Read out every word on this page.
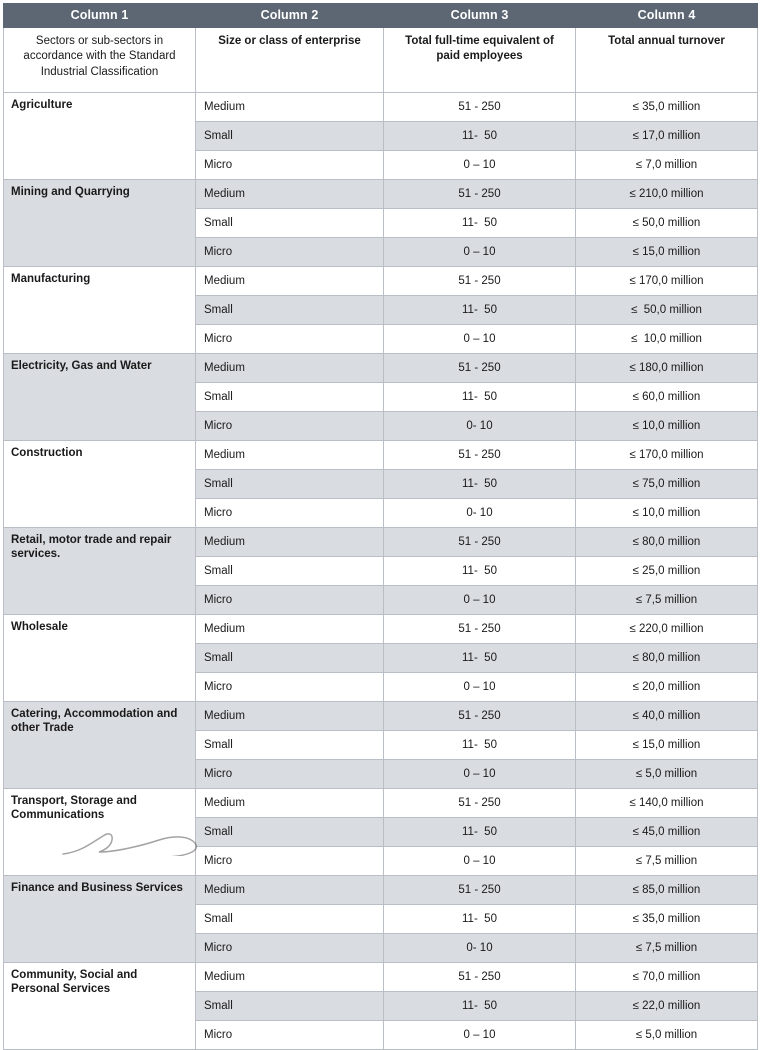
Column 1	Column 2	Column 3	Column 4
Sectors or sub-sectors in accordance with the Standard Industrial Classification	Size or class of enterprise	Total full-time equivalent of paid employees	Total annual turnover
Agriculture	Medium	51 - 250	≤ 35,0 million
	Small	11-  50	≤ 17,0 million
	Micro	0 – 10	≤ 7,0 million
Mining and Quarrying	Medium	51 - 250	≤ 210,0 million
	Small	11-  50	≤ 50,0 million
	Micro	0 – 10	≤ 15,0 million
Manufacturing	Medium	51 - 250	≤ 170,0 million
	Small	11-  50	≤  50,0 million
	Micro	0 – 10	≤  10,0 million
Electricity, Gas and Water	Medium	51 - 250	≤ 180,0 million
	Small	11-  50	≤ 60,0 million
	Micro	0- 10	≤ 10,0 million
Construction	Medium	51 - 250	≤ 170,0 million
	Small	11-  50	≤ 75,0 million
	Micro	0- 10	≤ 10,0 million
Retail, motor trade and repair services.	Medium	51 - 250	≤ 80,0 million
	Small	11-  50	≤ 25,0 million
	Micro	0 – 10	≤ 7,5 million
Wholesale	Medium	51 - 250	≤ 220,0 million
	Small	11-  50	≤ 80,0 million
	Micro	0 – 10	≤ 20,0 million
Catering, Accommodation and other Trade	Medium	51 - 250	≤ 40,0 million
	Small	11-  50	≤ 15,0 million
	Micro	0 – 10	≤ 5,0 million
Transport, Storage and Communications	Medium	51 - 250	≤ 140,0 million
	Small	11-  50	≤ 45,0 million
	Micro	0 – 10	≤ 7,5 million
Finance and Business Services	Medium	51 - 250	≤ 85,0 million
	Small	11-  50	≤ 35,0 million
	Micro	0- 10	≤ 7,5 million
Community, Social and Personal Services	Medium	51 - 250	≤ 70,0 million
	Small	11-  50	≤ 22,0 million
	Micro	0 – 10	≤ 5,0 million
